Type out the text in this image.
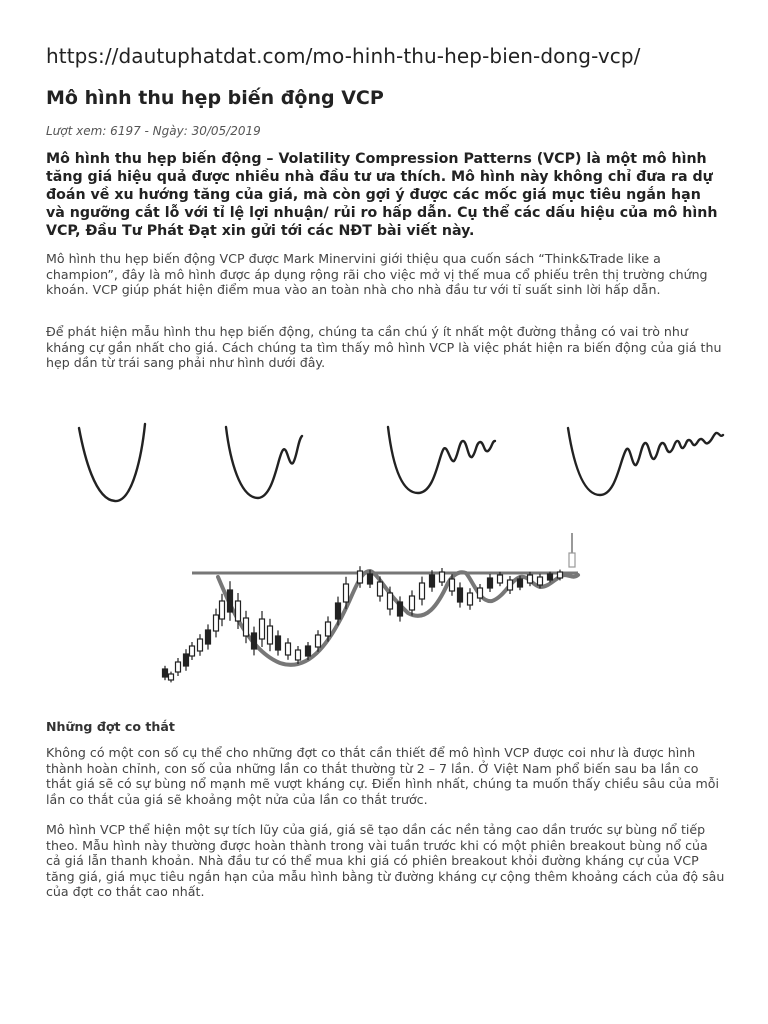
https://dautuphatdat.com/mo-hinh-thu-hep-bien-dong-vcp/
Mô hình thu hẹp biến động VCP
Lượt xem: 6197 - Ngày: 30/05/2019

Mô hình thu hẹp biến động – Volatility Compression Patterns (VCP) là một mô hình tăng giá hiệu quả được nhiều nhà đầu tư ưa thích. Mô hình này không chỉ đưa ra dự đoán về xu hướng tăng của giá, mà còn gợi ý được các mốc giá mục tiêu ngắn hạn và ngưỡng cắt lỗ với tỉ lệ lợi nhuận/ rủi ro hấp dẫn. Cụ thể các dấu hiệu của mô hình VCP, Đầu Tư Phát Đạt xin gửi tới các NĐT bài viết này.

Mô hình thu hẹp biến động VCP được Mark Minervini giới thiệu qua cuốn sách “Think&Trade like a champion”, đây là mô hình được áp dụng rộng rãi cho việc mở vị thế mua cổ phiếu trên thị trường chứng khoán. VCP giúp phát hiện điểm mua vào an toàn nhà cho nhà đầu tư với tỉ suất sinh lời hấp dẫn.

Để phát hiện mẫu hình thu hẹp biến động, chúng ta cần chú ý ít nhất một đường thẳng có vai trò như kháng cự gần nhất cho giá. Cách chúng ta tìm thấy mô hình VCP là việc phát hiện ra biến động của giá thu hẹp dần từ trái sang phải như hình dưới đây.

Những đợt co thắt

Không có một con số cụ thể cho những đợt co thắt cần thiết để mô hình VCP được coi như là được hình thành hoàn chỉnh, con số của những lần co thắt thường từ 2 – 7 lần. Ở Việt Nam phổ biến sau ba lần co thắt giá sẽ có sự bùng nổ mạnh mẽ vượt kháng cự. Điển hình nhất, chúng ta muốn thấy chiều sâu của mỗi lần co thắt của giá sẽ khoảng một nửa của lần co thắt trước.

Mô hình VCP thể hiện một sự tích lũy của giá, giá sẽ tạo dần các nền tảng cao dần trước sự bùng nổ tiếp theo. Mẫu hình này thường được hoàn thành trong vài tuần trước khi có một phiên breakout bùng nổ của cả giá lẫn thanh khoản. Nhà đầu tư có thể mua khi giá có phiên breakout khỏi đường kháng cự của VCP tăng giá, giá mục tiêu ngắn hạn của mẫu hình bằng từ đường kháng cự cộng thêm khoảng cách của độ sâu của đợt co thắt cao nhất.
